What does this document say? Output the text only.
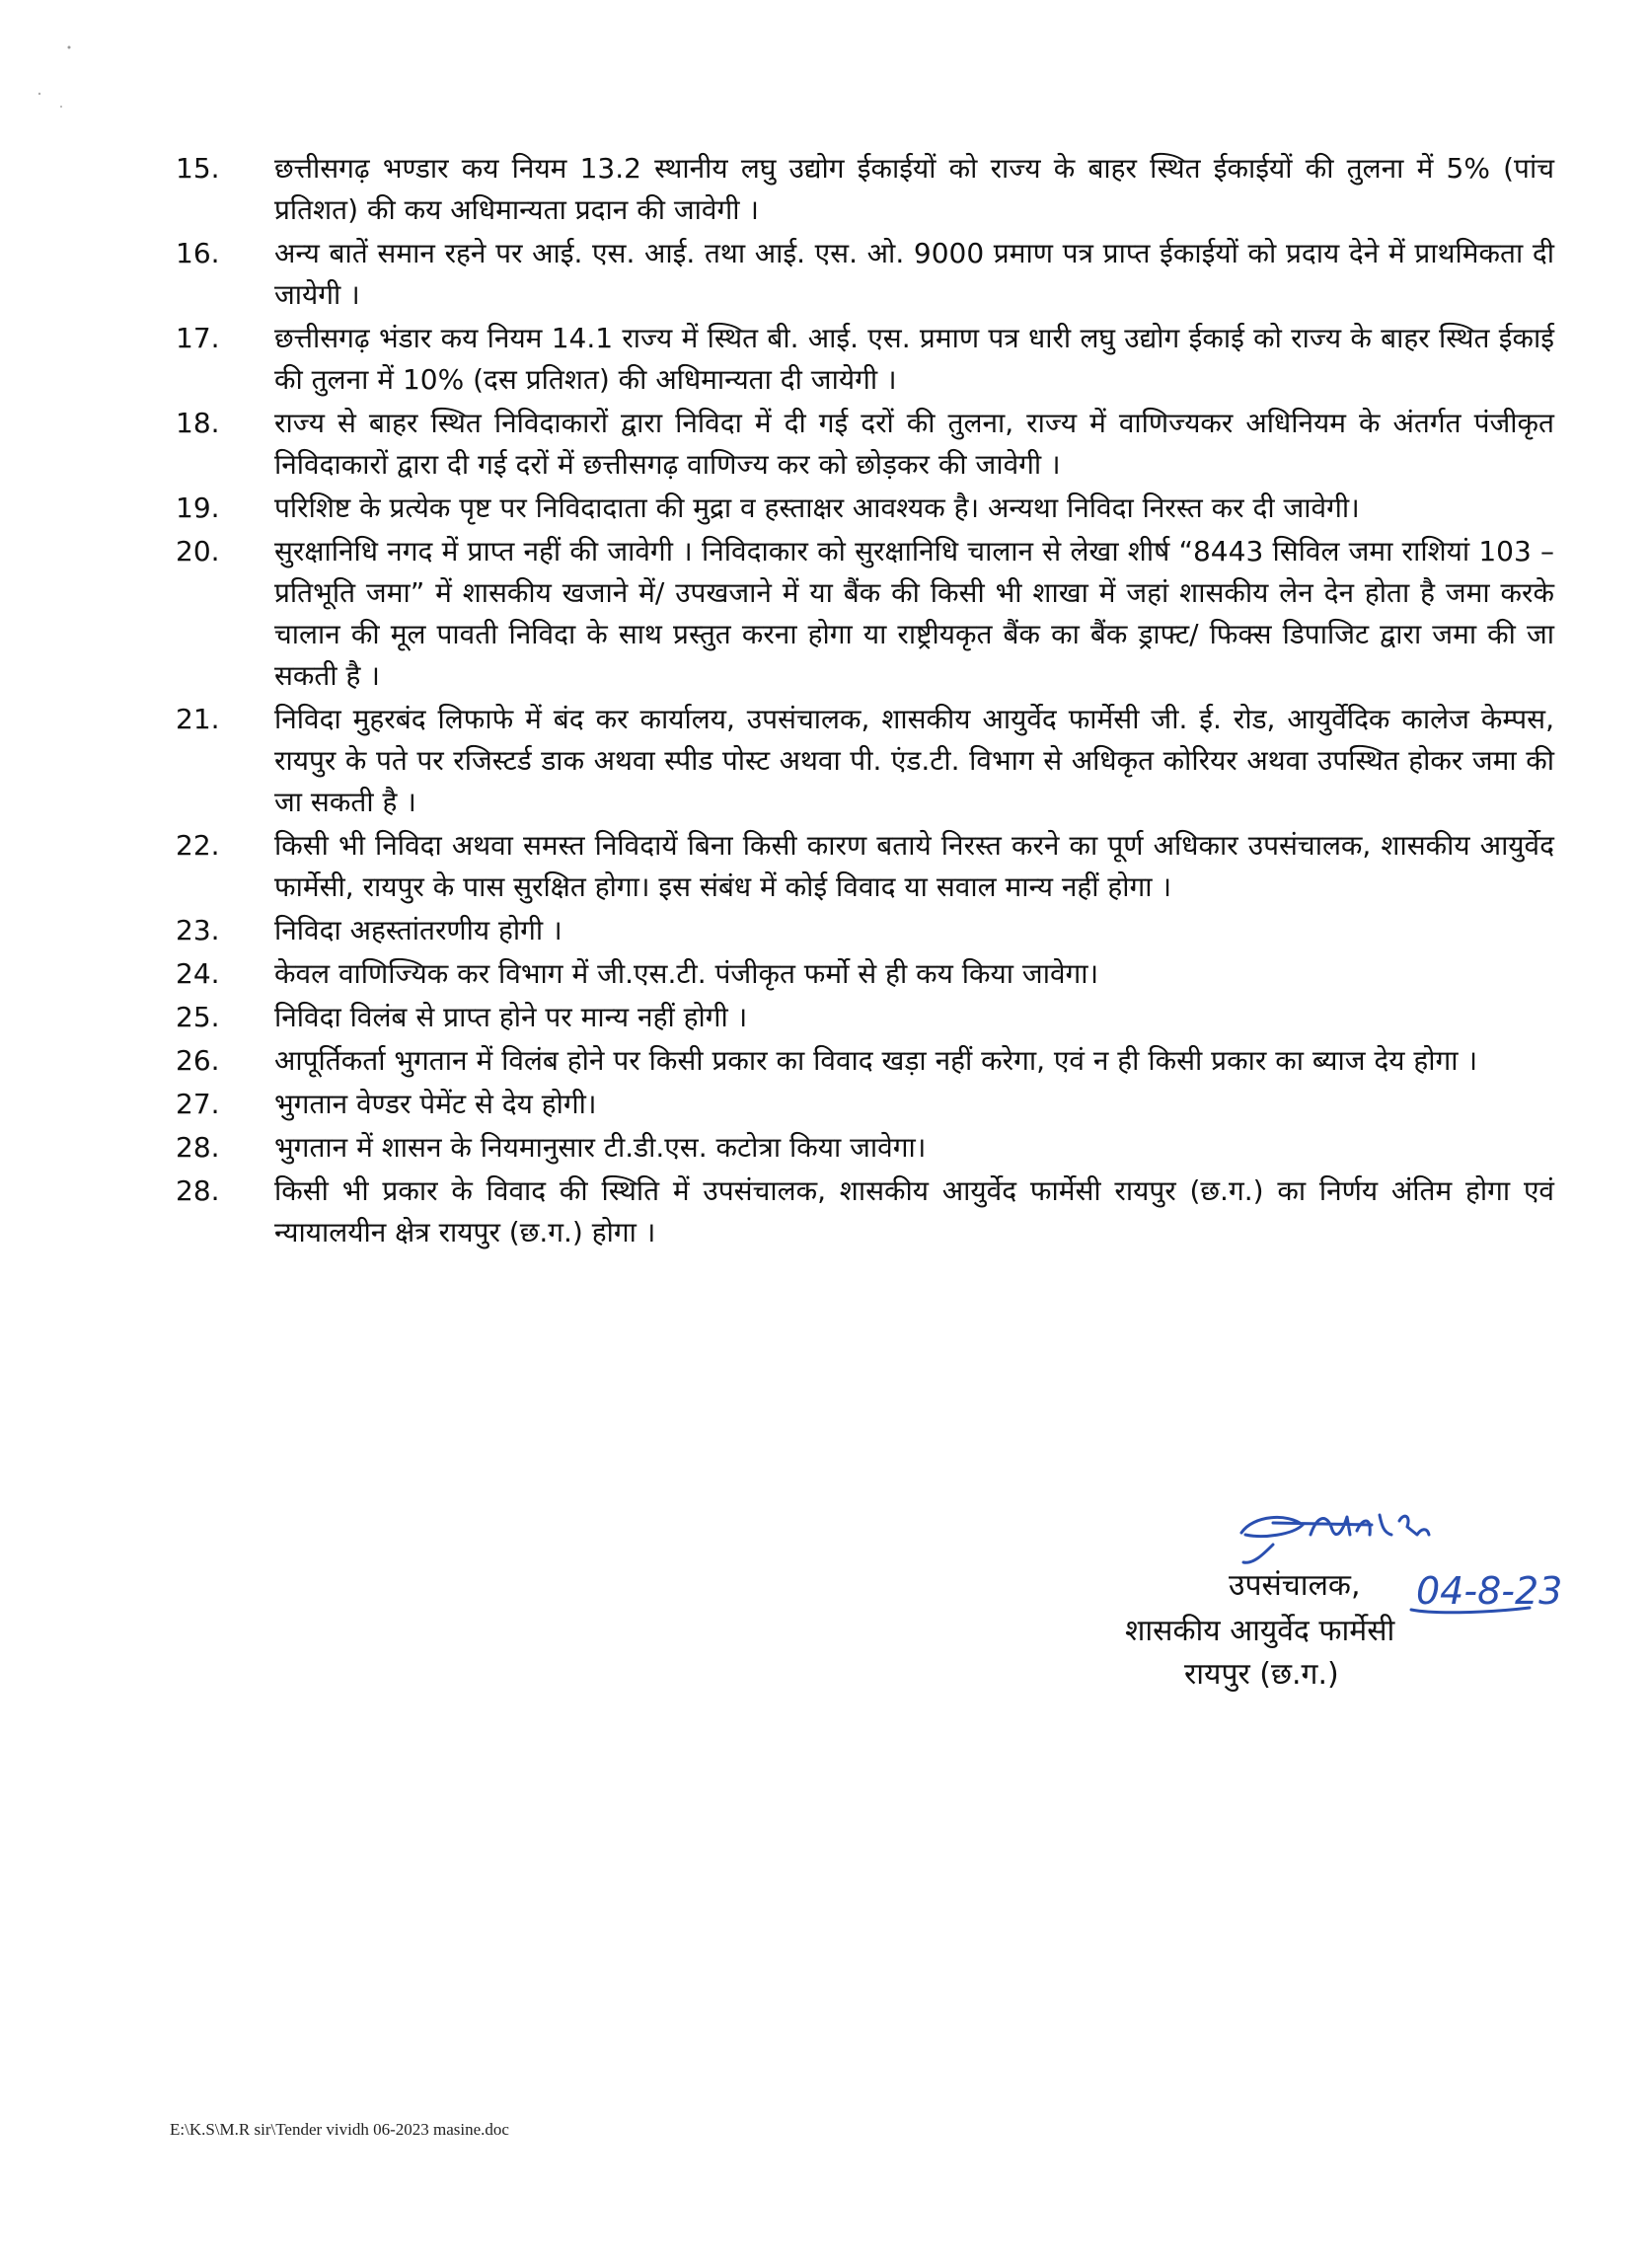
15.	छत्तीसगढ़ भण्डार कय नियम 13.2 स्थानीय लघु उद्योग ईकाईयों को राज्य के बाहर स्थित ईकाईयों की तुलना में 5% (पांच प्रतिशत) की कय अधिमान्यता प्रदान की जावेगी ।
16.	अन्य बातें समान रहने पर आई. एस. आई. तथा आई. एस. ओ. 9000 प्रमाण पत्र प्राप्त ईकाईयों को प्रदाय देने में प्राथमिकता दी जायेगी ।
17.	छत्तीसगढ़ भंडार कय नियम 14.1 राज्य में स्थित बी. आई. एस. प्रमाण पत्र धारी लघु उद्योग ईकाई को राज्य के बाहर स्थित ईकाई की तुलना में 10% (दस प्रतिशत) की अधिमान्यता दी जायेगी ।
18.	राज्य से बाहर स्थित निविदाकारों द्वारा निविदा में दी गई दरों की तुलना, राज्य में वाणिज्यकर अधिनियम के अंतर्गत पंजीकृत निविदाकारों द्वारा दी गई दरों में छत्तीसगढ़ वाणिज्य कर को छोड़कर की जावेगी ।
19.	परिशिष्ट के प्रत्येक पृष्ट पर निविदादाता की मुद्रा व हस्ताक्षर आवश्यक है। अन्यथा निविदा निरस्त कर दी जावेगी।
20.	सुरक्षानिधि नगद में प्राप्त नहीं की जावेगी । निविदाकार को सुरक्षानिधि चालान से लेखा शीर्ष “8443 सिविल जमा राशियां 103 – प्रतिभूति जमा” में शासकीय खजाने में/ उपखजाने में या बैंक की किसी भी शाखा में जहां शासकीय लेन देन होता है जमा करके चालान की मूल पावती निविदा के साथ प्रस्तुत करना होगा या राष्ट्रीयकृत बैंक का बैंक ड्राफ्ट/ फिक्स डिपाजिट द्वारा जमा की जा सकती है ।
21.	निविदा मुहरबंद लिफाफे में बंद कर कार्यालय, उपसंचालक, शासकीय आयुर्वेद फार्मेसी जी. ई. रोड, आयुर्वेदिक कालेज केम्पस, रायपुर के पते पर रजिस्टर्ड डाक अथवा स्पीड पोस्ट अथवा पी. एंड.टी. विभाग से अधिकृत कोरियर अथवा उपस्थित होकर जमा की जा सकती है ।
22.	किसी भी निविदा अथवा समस्त निविदायें बिना किसी कारण बताये निरस्त करने का पूर्ण अधिकार उपसंचालक, शासकीय आयुर्वेद फार्मेसी, रायपुर के पास सुरक्षित होगा। इस संबंध में कोई विवाद या सवाल मान्य नहीं होगा ।
23.	निविदा अहस्तांतरणीय होगी ।
24.	केवल वाणिज्यिक कर विभाग में जी.एस.टी. पंजीकृत फर्मो से ही कय किया जावेगा।
25.	निविदा विलंब से प्राप्त होने पर मान्य नहीं होगी ।
26.	आपूर्तिकर्ता भुगतान में विलंब होने पर किसी प्रकार का विवाद खड़ा नहीं करेगा, एवं न ही किसी प्रकार का ब्याज देय होगा ।
27.	भुगतान वेण्डर पेमेंट से देय होगी।
28.	भुगतान में शासन के नियमानुसार टी.डी.एस. कटोत्रा किया जावेगा।
28.	किसी भी प्रकार के विवाद की स्थिति में उपसंचालक, शासकीय आयुर्वेद फार्मेसी रायपुर (छ.ग.) का निर्णय अंतिम होगा एवं न्यायालयीन क्षेत्र रायपुर (छ.ग.) होगा ।
04-8-23
उपसंचालक,
शासकीय आयुर्वेद फार्मेसी
रायपुर (छ.ग.)
E:\K.S\M.R sir\Tender vividh 06-2023 masine.doc
